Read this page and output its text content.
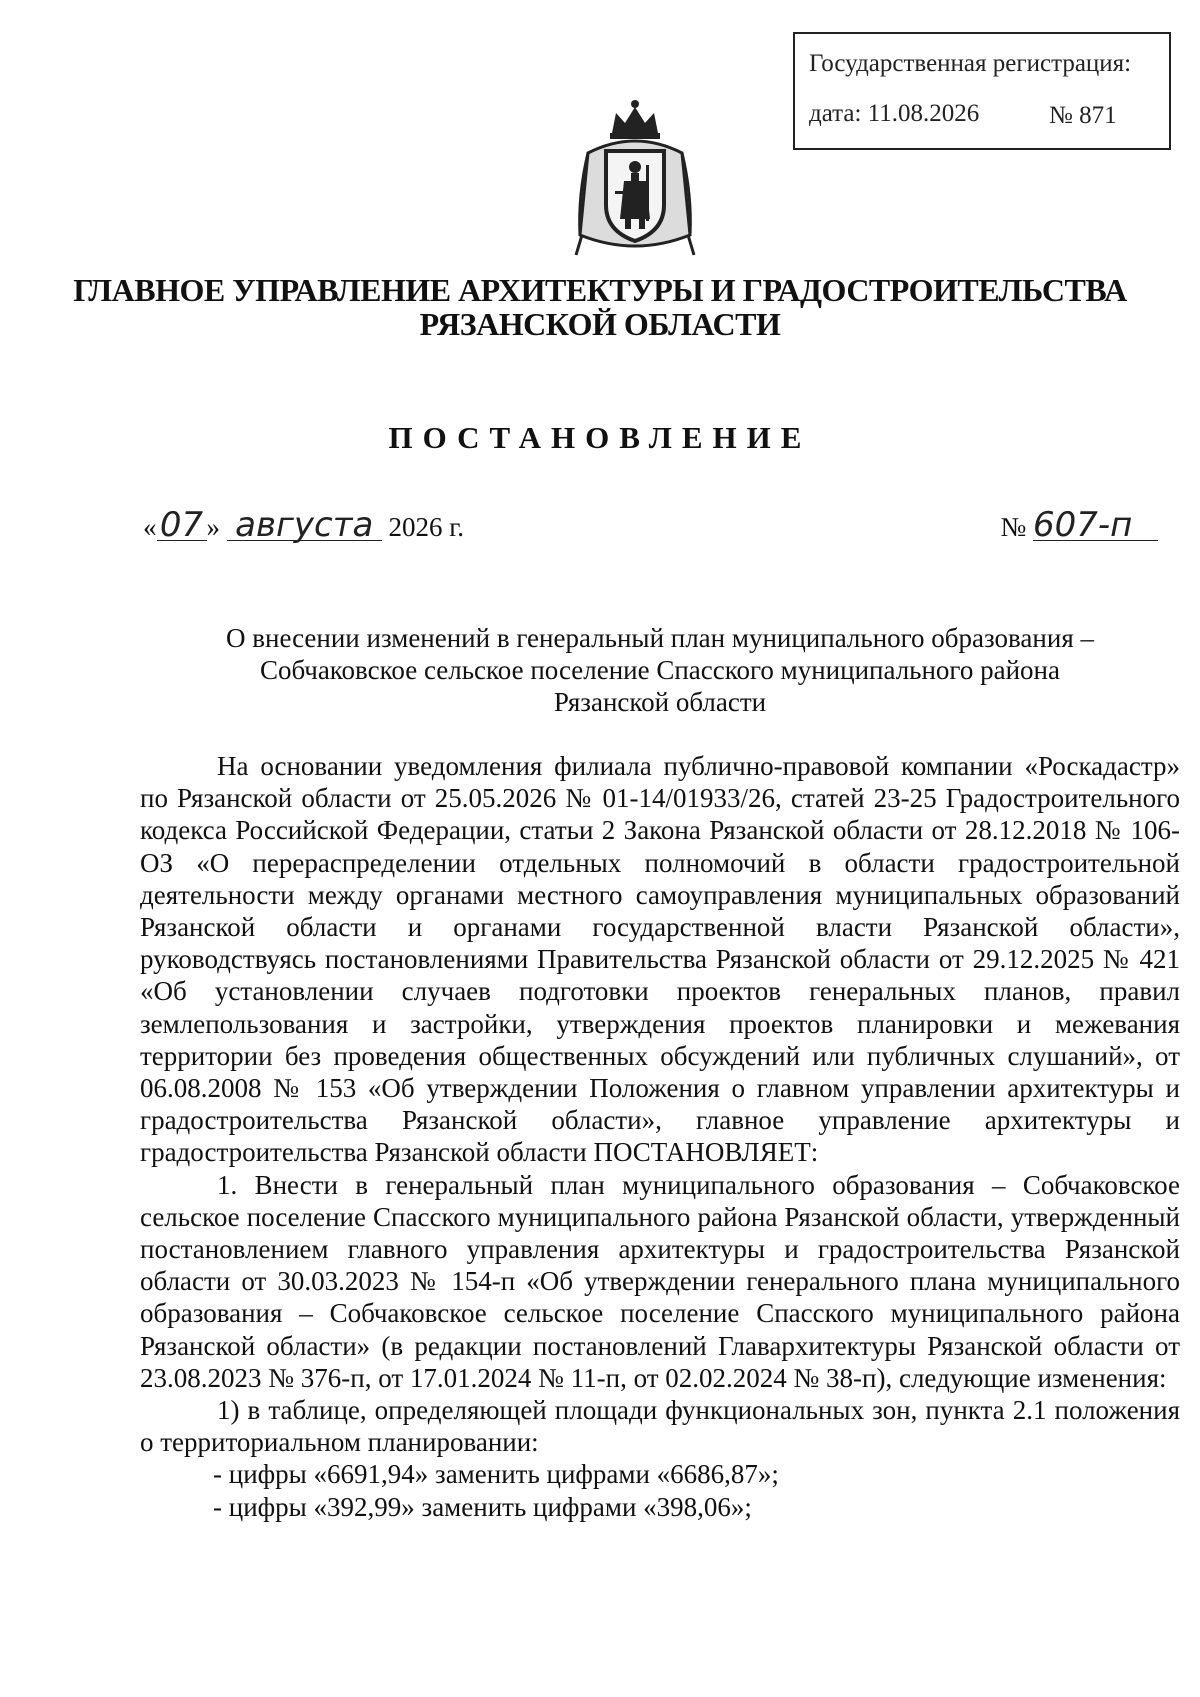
Государственная регистрация:
дата: 11.08.2026	№ 871
ГЛАВНОЕ УПРАВЛЕНИЕ АРХИТЕКТУРЫ И ГРАДОСТРОИТЕЛЬСТВА
РЯЗАНСКОЙ ОБЛАСТИ
ПОСТАНОВЛЕНИЕ
«07 » августа 2026 г.	№ 607-п
О внесении изменений в генеральный план муниципального образования –
Собчаковское сельское поселение Спасского муниципального района
Рязанской области

На основании уведомления филиала публично-правовой компании «Роскадастр» по Рязанской области от 25.05.2026 № 01-14/01933/26, статей 23-25 Градостроительного кодекса Российской Федерации, статьи 2 Закона Рязанской области от 28.12.2018 № 106-ОЗ «О перераспределении отдельных полномочий в области градостроительной деятельности между органами местного самоуправления муниципальных образований Рязанской области и органами государственной власти Рязанской области», руководствуясь постановлениями Правительства Рязанской области от 29.12.2025 № 421 «Об установлении случаев подготовки проектов генеральных планов, правил землепользования и застройки, утверждения проектов планировки и межевания территории без проведения общественных обсуждений или публичных слушаний», от 06.08.2008 № 153 «Об утверждении Положения о главном управлении архитектуры и градостроительства Рязанской области», главное управление архитектуры и градостроительства Рязанской области ПОСТАНОВЛЯЕТ:

1. Внести в генеральный план муниципального образования – Собчаковское сельское поселение Спасского муниципального района Рязанской области, утвержденный постановлением главного управления архитектуры и градостроительства Рязанской области от 30.03.2023 № 154-п «Об утверждении генерального плана муниципального образования – Собчаковское сельское поселение Спасского муниципального района Рязанской области» (в редакции постановлений Главархитектуры Рязанской области от 23.08.2023 № 376-п, от 17.01.2024 № 11-п, от 02.02.2024 № 38-п), следующие изменения:

1) в таблице, определяющей площади функциональных зон, пункта 2.1 положения о территориальном планировании:

- цифры «6691,94» заменить цифрами «6686,87»;

- цифры «392,99» заменить цифрами «398,06»;
